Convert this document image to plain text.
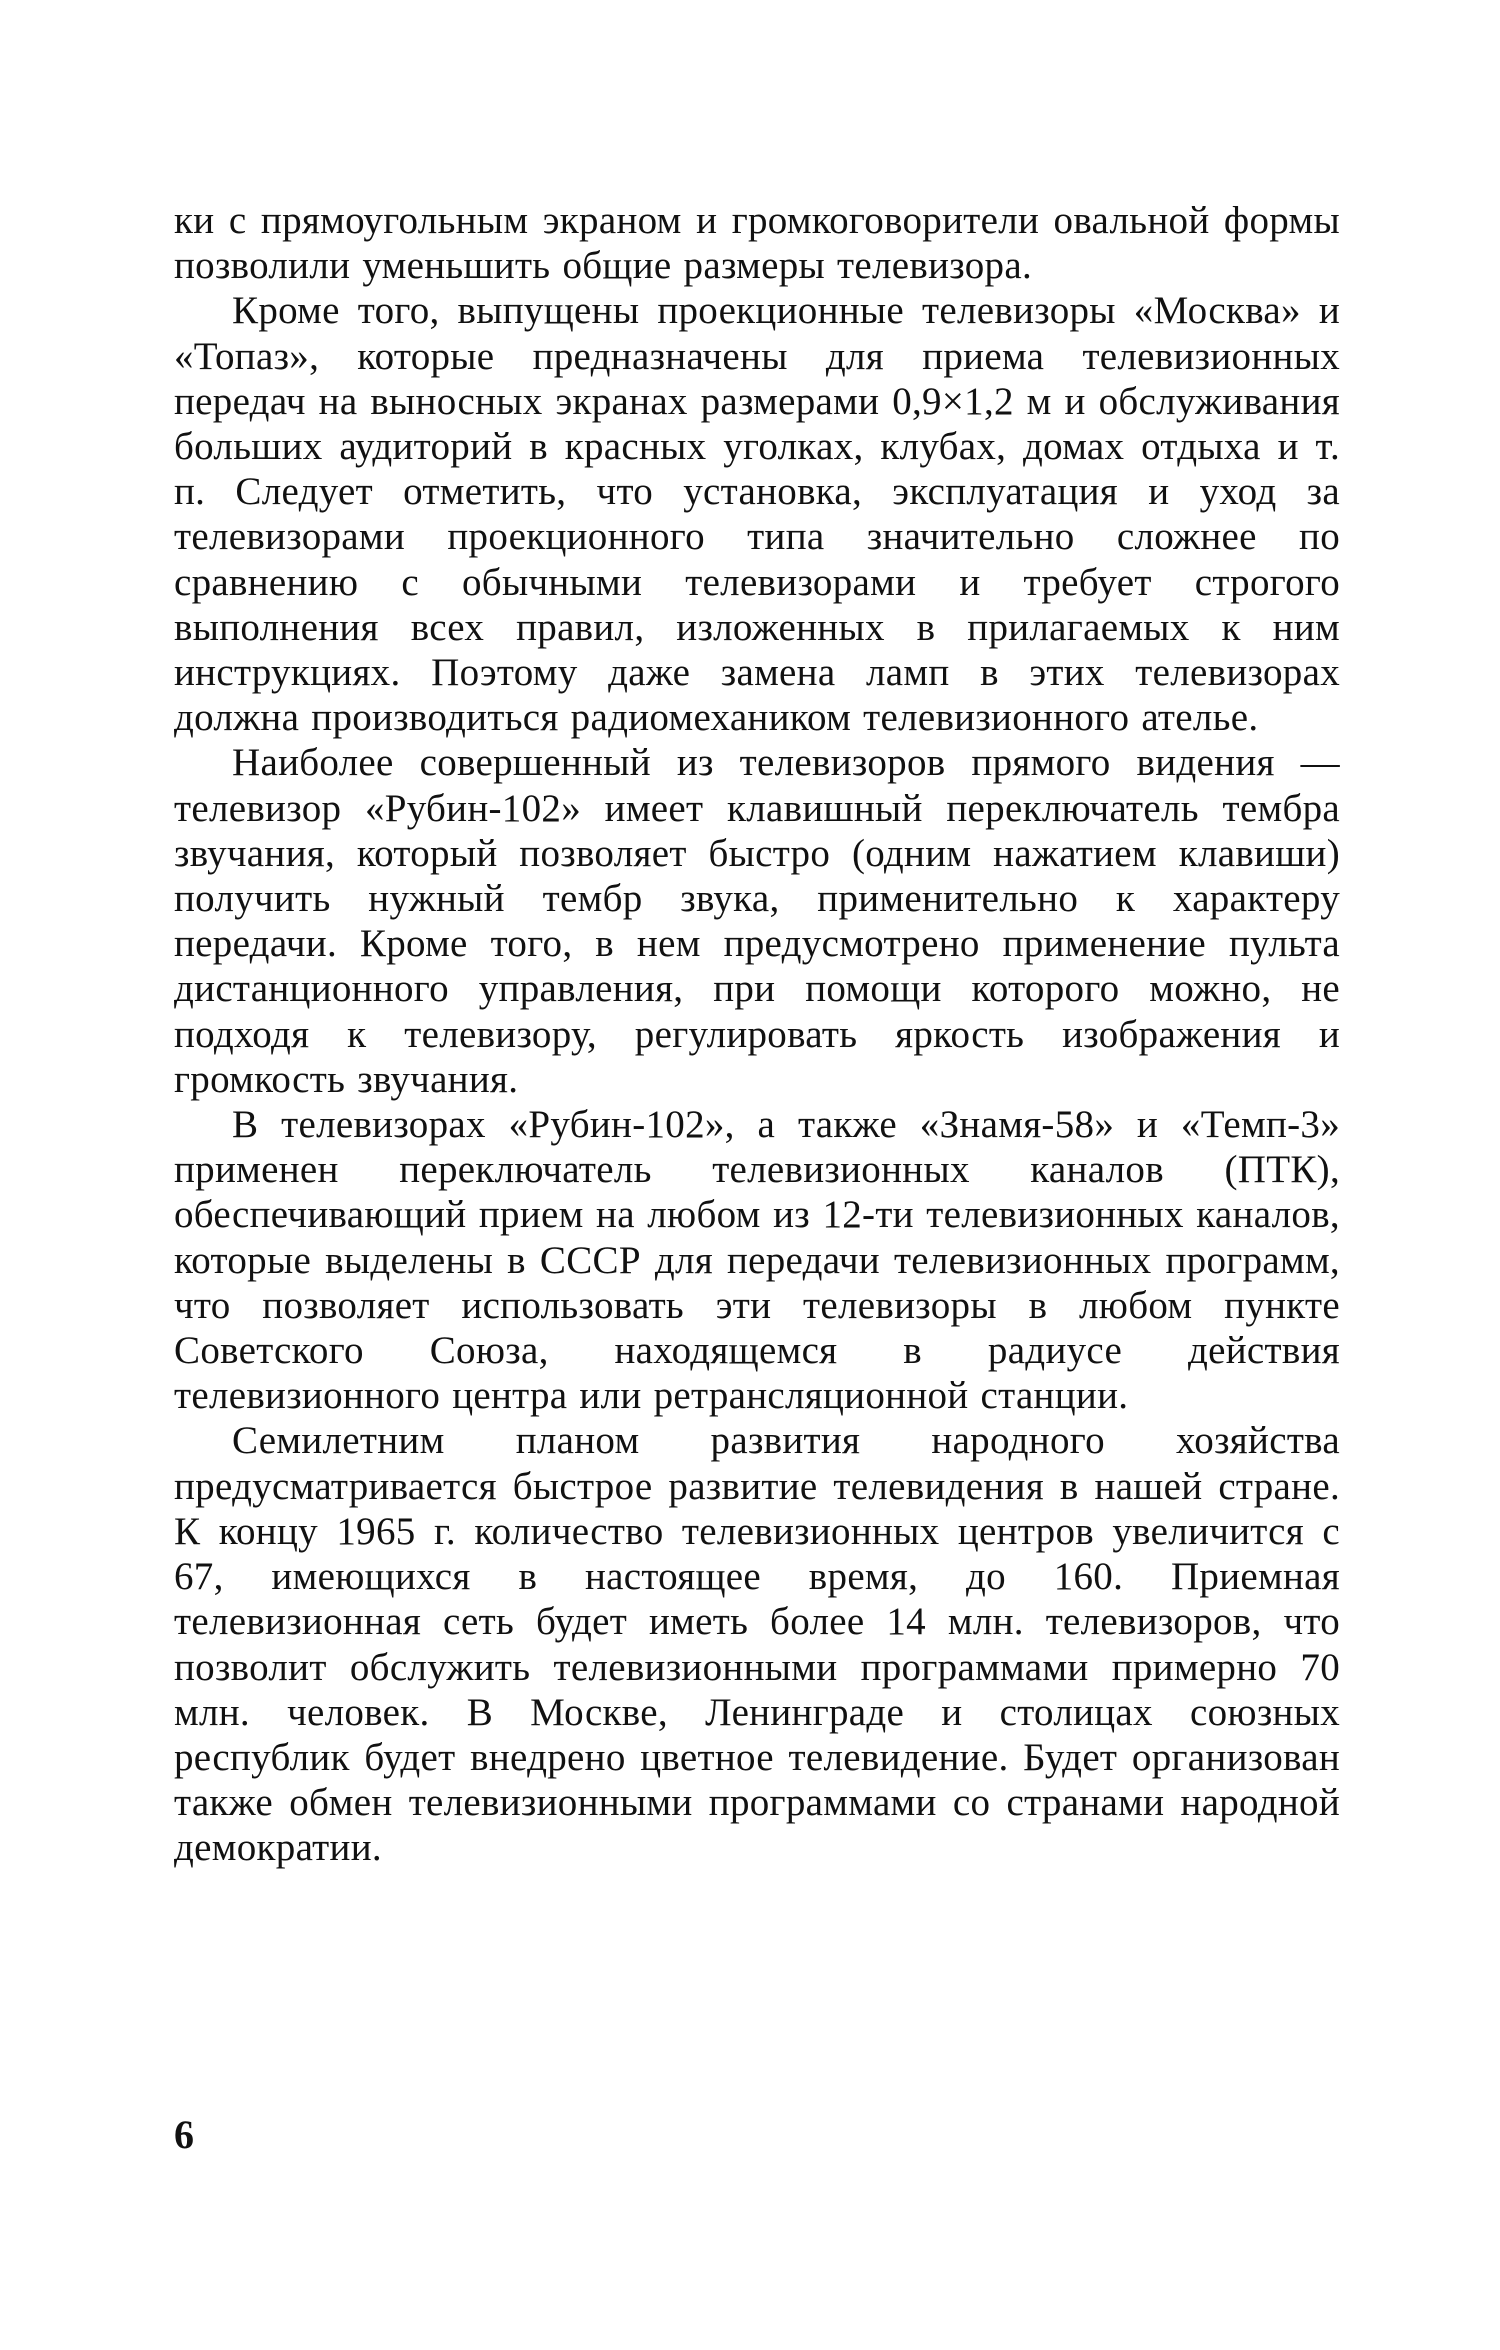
ки с прямоугольным экраном и громкоговорители овальной формы позволили уменьшить общие размеры телевизора.

Кроме того, выпущены проекционные телевизоры «Москва» и «Топаз», которые предназначены для приема телевизионных передач на выносных экранах размерами 0,9×1,2 м и обслуживания больших аудиторий в красных уголках, клубах, домах отдыха и т. п. Следует отметить, что установка, эксплуатация и уход за телевизорами проекционного типа значительно сложнее по сравнению с обычными телевизорами и требует строгого выполнения всех правил, изложенных в прилагаемых к ним инструкциях. Поэтому даже замена ламп в этих телевизорах должна производиться радиомехаником телевизионного ателье.

Наиболее совершенный из телевизоров прямого видения — телевизор «Рубин-102» имеет клавишный переключатель тембра звучания, который позволяет быстро (одним нажатием клавиши) получить нужный тембр звука, применительно к характеру передачи. Кроме того, в нем предусмотрено применение пульта дистанционного управления, при помощи которого можно, не подходя к телевизору, регулировать яркость изображения и громкость звучания.

В телевизорах «Рубин-102», а также «Знамя-58» и «Темп-3» применен переключатель телевизионных каналов (ПТК), обеспечивающий прием на любом из 12-ти телевизионных каналов, которые выделены в СССР для передачи телевизионных программ, что позволяет использовать эти телевизоры в любом пункте Советского Союза, находящемся в радиусе действия телевизионного центра или ретрансляционной станции.

Семилетним планом развития народного хозяйства предусматривается быстрое развитие телевидения в нашей стране. К концу 1965 г. количество телевизионных центров увеличится с 67, имеющихся в настоящее время, до 160. Приемная телевизионная сеть будет иметь более 14 млн. телевизоров, что позволит обслужить телевизионными программами примерно 70 млн. человек. В Москве, Ленинграде и столицах союзных республик будет внедрено цветное телевидение. Будет организован также обмен телевизионными программами со странами народной демократии.

6
